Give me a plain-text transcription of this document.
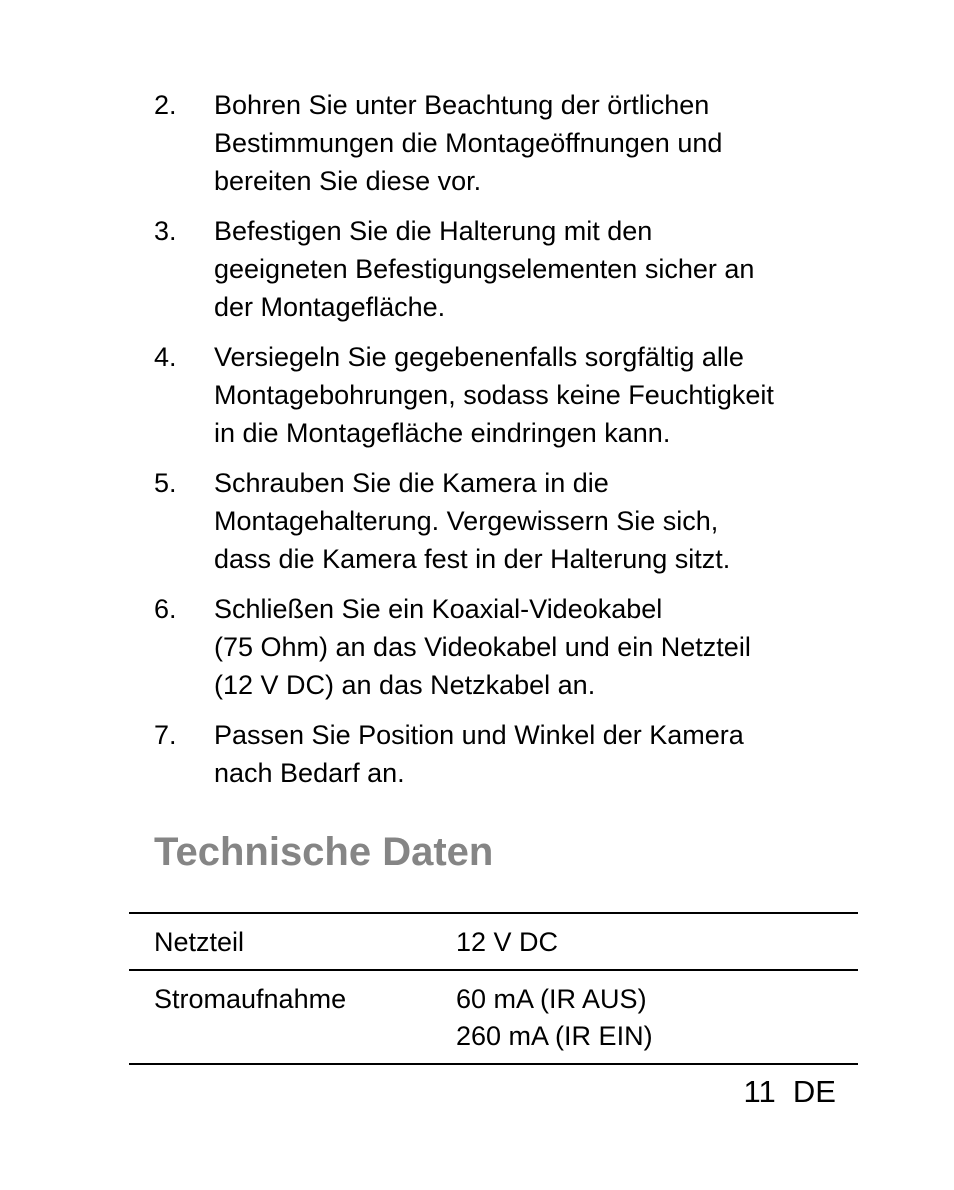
2.	Bohren Sie unter Beachtung der örtlichen
Bestimmungen die Montageöffnungen und
bereiten Sie diese vor.
3.	Befestigen Sie die Halterung mit den
geeigneten Befestigungselementen sicher an
der Montagefläche.
4.	Versiegeln Sie gegebenenfalls sorgfältig alle
Montagebohrungen, sodass keine Feuchtigkeit
in die Montagefläche eindringen kann.
5.	Schrauben Sie die Kamera in die
Montagehalterung. Vergewissern Sie sich,
dass die Kamera fest in der Halterung sitzt.
6.	Schließen Sie ein Koaxial-Videokabel
(75 Ohm) an das Videokabel und ein Netzteil
(12 V DC) an das Netzkabel an.
7.	Passen Sie Position und Winkel der Kamera
nach Bedarf an.
Technische Daten
Netzteil	12 V DC

Stromaufnahme	60 mA (IR AUS)
260 mA (IR EIN)
11 DE
